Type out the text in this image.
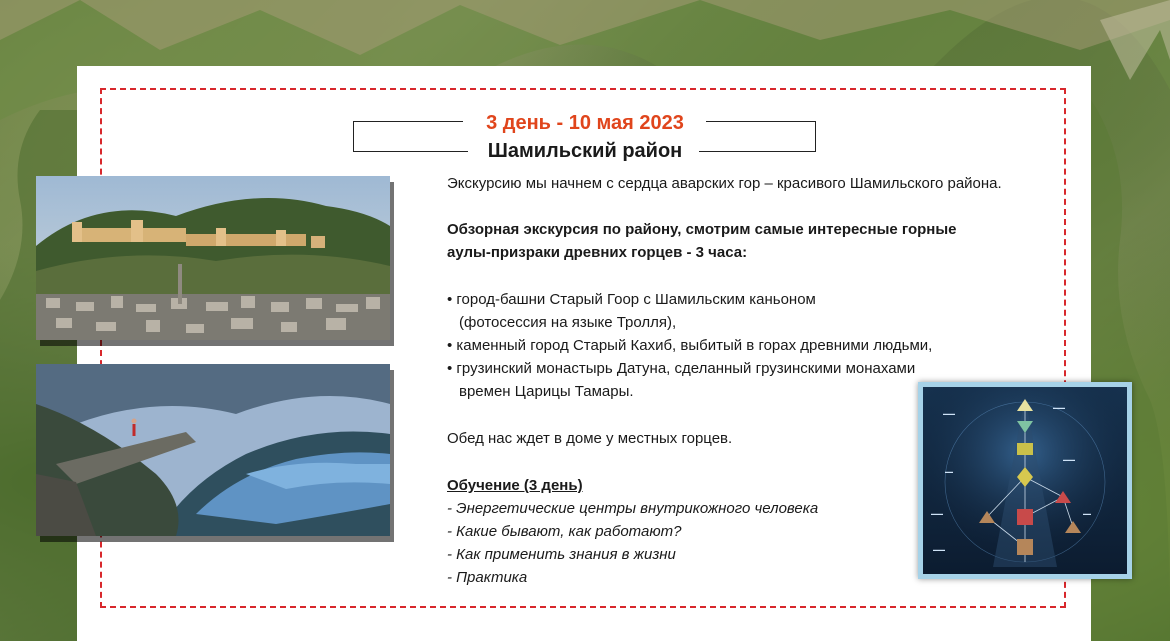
3 день - 10 мая 2023
Шамильский район
Экскурсию мы начнем с сердца аварских гор – красивого Шамильского района.
Обзорная экскурсия по району, смотрим самые интересные горные
аулы-призраки древних горцев - 3 часа:
• город-башни Старый Гоор с Шамильским каньоном
(фотосессия на языке Тролля),
• каменный город Старый Кахиб, выбитый в горах древними людьми,
• грузинский монастырь Датуна, сделанный грузинскими монахами
времен Царицы Тамары.
Обед нас ждет в доме у местных горцев.
Обучение (3 день)
- Энергетические центры внутрикожного человека
- Какие бывают, как работают?
- Как применить знания в жизни
- Практика
▬▬▬
▬▬▬
▬▬
▬▬▬
▬▬▬	▬▬
▬▬▬
